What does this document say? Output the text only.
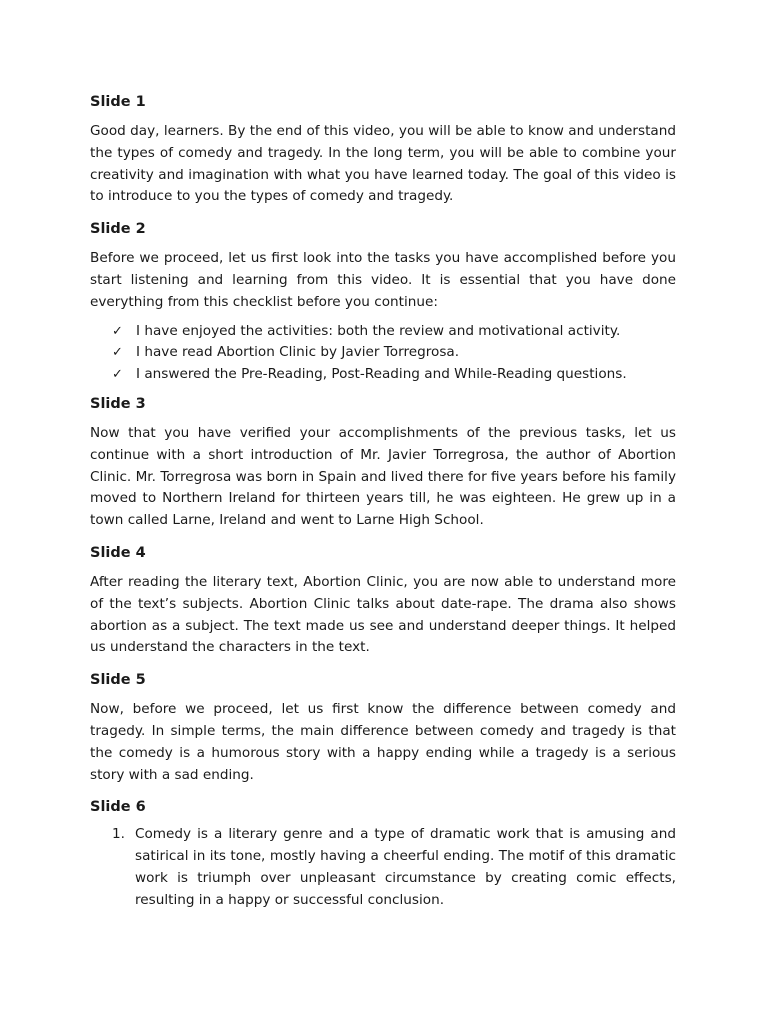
Slide 1

Good day, learners. By the end of this video, you will be able to know and understand the types of comedy and tragedy. In the long term, you will be able to combine your creativity and imagination with what you have learned today. The goal of this video is to introduce to you the types of comedy and tragedy.

Slide 2

Before we proceed, let us first look into the tasks you have accomplished before you start listening and learning from this video. It is essential that you have done everything from this checklist before you continue:

✓ I have enjoyed the activities: both the review and motivational activity.
✓ I have read Abortion Clinic by Javier Torregrosa.
✓ I answered the Pre-Reading, Post-Reading and While-Reading questions.
Slide 3

Now that you have verified your accomplishments of the previous tasks, let us continue with a short introduction of Mr. Javier Torregrosa, the author of Abortion Clinic. Mr. Torregrosa was born in Spain and lived there for five years before his family moved to Northern Ireland for thirteen years till, he was eighteen. He grew up in a town called Larne, Ireland and went to Larne High School.

Slide 4

After reading the literary text, Abortion Clinic, you are now able to understand more of the text’s subjects. Abortion Clinic talks about date-rape. The drama also shows abortion as a subject. The text made us see and understand deeper things. It helped us understand the characters in the text.

Slide 5

Now, before we proceed, let us first know the difference between comedy and tragedy. In simple terms, the main difference between comedy and tragedy is that the comedy is a humorous story with a happy ending while a tragedy is a serious story with a sad ending.

Slide 6
1. Comedy is a literary genre and a type of dramatic work that is amusing and satirical in its tone, mostly having a cheerful ending. The motif of this dramatic work is triumph over unpleasant circumstance by creating comic effects, resulting in a happy or successful conclusion.
